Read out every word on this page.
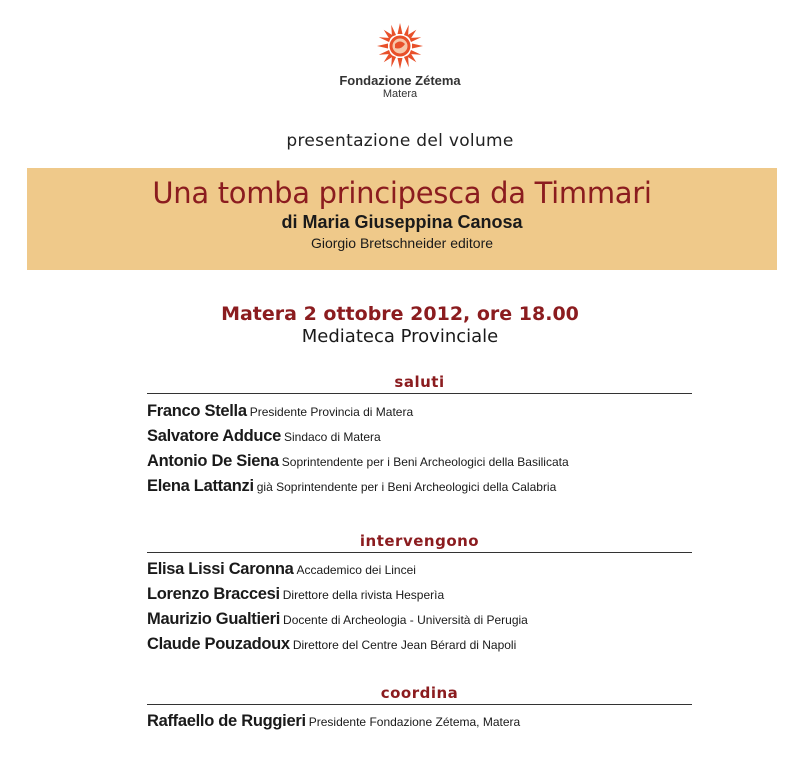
Fondazione Zétema
Matera
presentazione del volume
Una tomba principesca da Timmari
di Maria Giuseppina Canosa
Giorgio Bretschneider editore
Matera 2 ottobre 2012, ore 18.00
Mediateca Provinciale
saluti
Franco Stella Presidente Provincia di Matera
Salvatore Adduce Sindaco di Matera
Antonio De Siena Soprintendente per i Beni Archeologici della Basilicata
Elena Lattanzi già Soprintendente per i Beni Archeologici della Calabria
intervengono
Elisa Lissi Caronna Accademico dei Lincei
Lorenzo Braccesi Direttore della rivista Hesperìa
Maurizio Gualtieri Docente di Archeologia - Università di Perugia
Claude Pouzadoux Direttore del Centre Jean Bérard di Napoli
coordina
Raffaello de Ruggieri Presidente Fondazione Zétema, Matera
